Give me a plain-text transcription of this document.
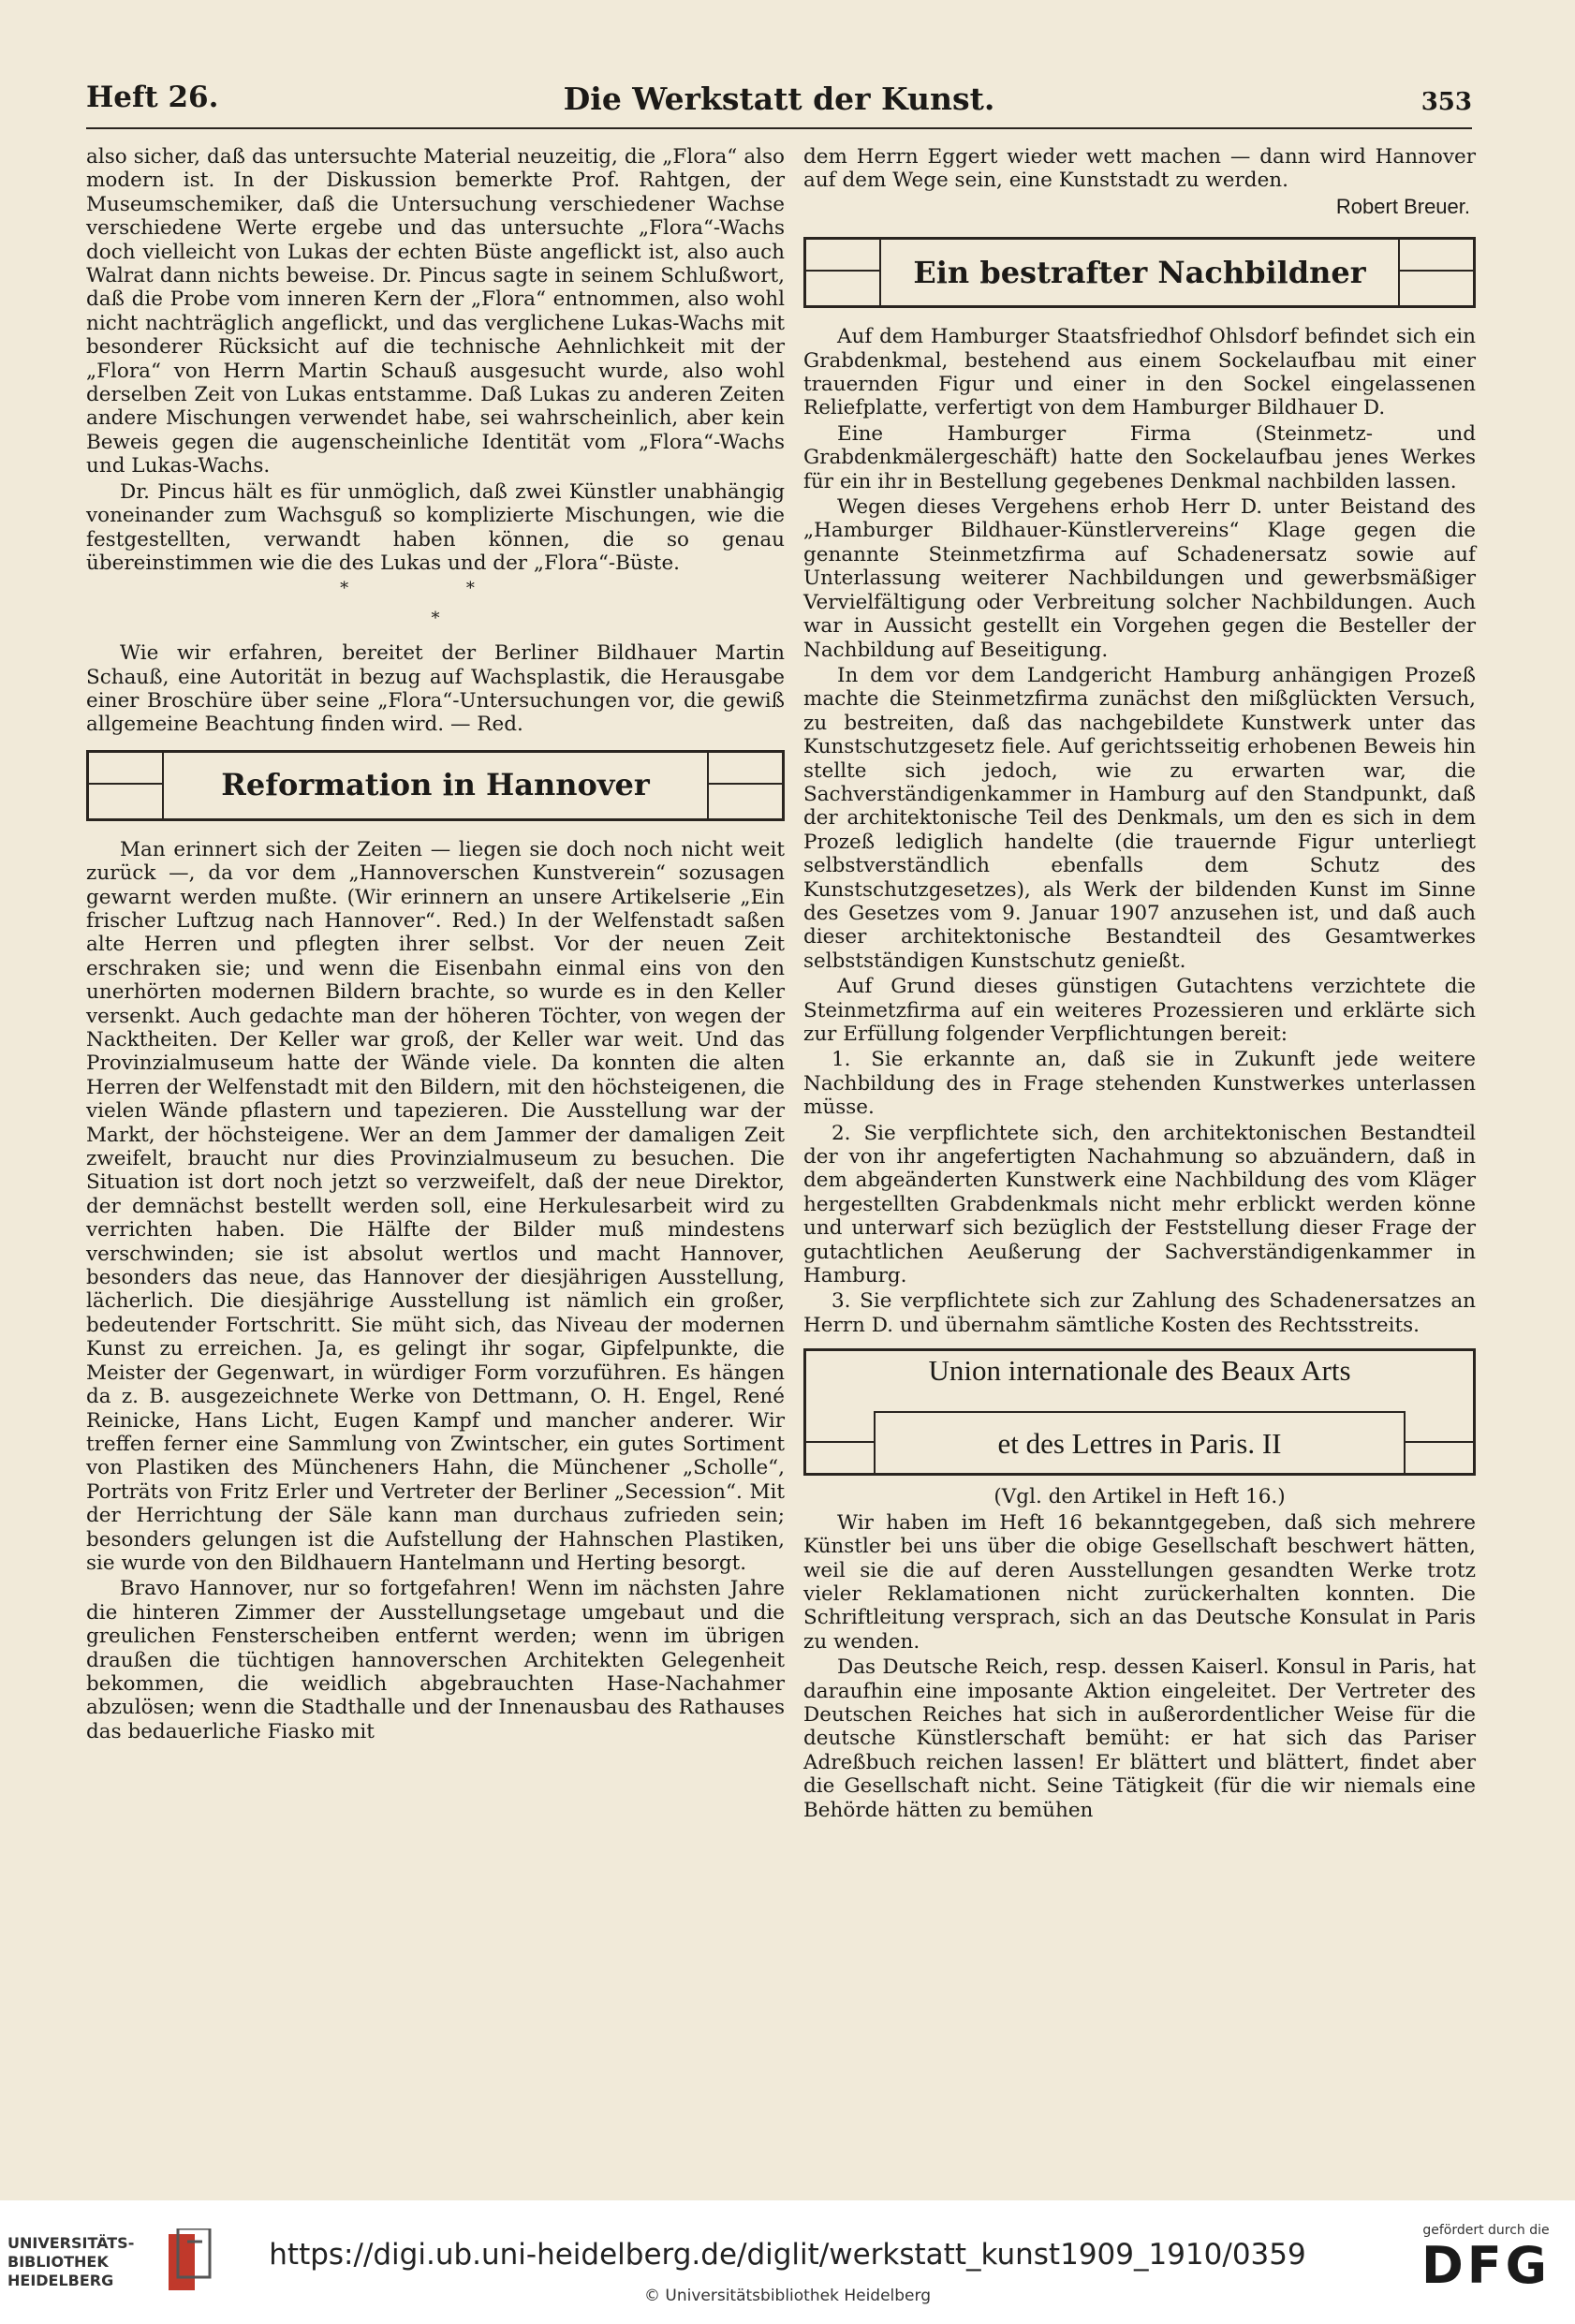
Heft 26.	Die Werkstatt der Kunst.	353

also sicher, daß das untersuchte Material neuzeitig, die „Flora“ also modern ist. In der Diskussion bemerkte Prof. Rahtgen, der Museumschemiker, daß die Untersuchung verschiedener Wachse verschiedene Werte ergebe und das untersuchte „Flora“-Wachs doch vielleicht von Lukas der echten Büste angeflickt ist, also auch Walrat dann nichts beweise. Dr. Pincus sagte in seinem Schlußwort, daß die Probe vom inneren Kern der „Flora“ entnommen, also wohl nicht nachträglich angeflickt, und das verglichene Lukas-Wachs mit besonderer Rücksicht auf die technische Aehnlichkeit mit der „Flora“ von Herrn Martin Schauß ausgesucht wurde, also wohl derselben Zeit von Lukas entstamme. Daß Lukas zu anderen Zeiten andere Mischungen verwendet habe, sei wahrscheinlich, aber kein Beweis gegen die augenscheinliche Identität vom „Flora“-Wachs und Lukas-Wachs.

Dr. Pincus hält es für unmöglich, daß zwei Künstler unabhängig voneinander zum Wachsguß so komplizierte Mischungen, wie die festgestellten, verwandt haben können, die so genau übereinstimmen wie die des Lukas und der „Flora“-Büste.

* *
*

Wie wir erfahren, bereitet der Berliner Bildhauer Martin Schauß, eine Autorität in bezug auf Wachsplastik, die Herausgabe einer Broschüre über seine „Flora“-Untersuchungen vor, die gewiß allgemeine Beachtung finden wird. — Red.

Reformation in Hannover

Man erinnert sich der Zeiten — liegen sie doch noch nicht weit zurück —, da vor dem „Hannoverschen Kunstverein“ sozusagen gewarnt werden mußte. (Wir erinnern an unsere Artikelserie „Ein frischer Luftzug nach Hannover“. Red.) In der Welfenstadt saßen alte Herren und pflegten ihrer selbst. Vor der neuen Zeit erschraken sie; und wenn die Eisenbahn einmal eins von den unerhörten modernen Bildern brachte, so wurde es in den Keller versenkt. Auch gedachte man der höheren Töchter, von wegen der Nacktheiten. Der Keller war groß, der Keller war weit. Und das Provinzialmuseum hatte der Wände viele. Da konnten die alten Herren der Welfenstadt mit den Bildern, mit den höchsteigenen, die vielen Wände pflastern und tapezieren. Die Ausstellung war der Markt, der höchsteigene. Wer an dem Jammer der damaligen Zeit zweifelt, braucht nur dies Provinzialmuseum zu besuchen. Die Situation ist dort noch jetzt so verzweifelt, daß der neue Direktor, der demnächst bestellt werden soll, eine Herkulesarbeit wird zu verrichten haben. Die Hälfte der Bilder muß mindestens verschwinden; sie ist absolut wertlos und macht Hannover, besonders das neue, das Hannover der diesjährigen Ausstellung, lächerlich. Die diesjährige Ausstellung ist nämlich ein großer, bedeutender Fortschritt. Sie müht sich, das Niveau der modernen Kunst zu erreichen. Ja, es gelingt ihr sogar, Gipfelpunkte, die Meister der Gegenwart, in würdiger Form vorzuführen. Es hängen da z. B. ausgezeichnete Werke von Dettmann, O. H. Engel, René Reinicke, Hans Licht, Eugen Kampf und mancher anderer. Wir treffen ferner eine Sammlung von Zwintscher, ein gutes Sortiment von Plastiken des Müncheners Hahn, die Münchener „Scholle“, Porträts von Fritz Erler und Vertreter der Berliner „Secession“. Mit der Herrichtung der Säle kann man durchaus zufrieden sein; besonders gelungen ist die Aufstellung der Hahnschen Plastiken, sie wurde von den Bildhauern Hantelmann und Herting besorgt.

Bravo Hannover, nur so fortgefahren! Wenn im nächsten Jahre die hinteren Zimmer der Ausstellungsetage umgebaut und die greulichen Fensterscheiben entfernt werden; wenn im übrigen draußen die tüchtigen hannoverschen Architekten Gelegenheit bekommen, die weidlich abgebrauchten Hase-Nachahmer abzulösen; wenn die Stadthalle und der Innenausbau des Rathauses das bedauerliche Fiasko mit

dem Herrn Eggert wieder wett machen — dann wird Hannover auf dem Wege sein, eine Kunststadt zu werden.

Robert Breuer.
Ein bestrafter Nachbildner

Auf dem Hamburger Staatsfriedhof Ohlsdorf befindet sich ein Grabdenkmal, bestehend aus einem Sockelaufbau mit einer trauernden Figur und einer in den Sockel eingelassenen Reliefplatte, verfertigt von dem Hamburger Bildhauer D.

Eine Hamburger Firma (Steinmetz- und Grabdenkmälergeschäft) hatte den Sockelaufbau jenes Werkes für ein ihr in Bestellung gegebenes Denkmal nachbilden lassen.

Wegen dieses Vergehens erhob Herr D. unter Beistand des „Hamburger Bildhauer-Künstlervereins“ Klage gegen die genannte Steinmetzfirma auf Schadenersatz sowie auf Unterlassung weiterer Nachbildungen und gewerbsmäßiger Vervielfältigung oder Verbreitung solcher Nachbildungen. Auch war in Aussicht gestellt ein Vorgehen gegen die Besteller der Nachbildung auf Beseitigung.

In dem vor dem Landgericht Hamburg anhängigen Prozeß machte die Steinmetzfirma zunächst den mißglückten Versuch, zu bestreiten, daß das nachgebildete Kunstwerk unter das Kunstschutzgesetz fiele. Auf gerichtsseitig erhobenen Beweis hin stellte sich jedoch, wie zu erwarten war, die Sachverständigenkammer in Hamburg auf den Standpunkt, daß der architektonische Teil des Denkmals, um den es sich in dem Prozeß lediglich handelte (die trauernde Figur unterliegt selbstverständlich ebenfalls dem Schutz des Kunstschutzgesetzes), als Werk der bildenden Kunst im Sinne des Gesetzes vom 9. Januar 1907 anzusehen ist, und daß auch dieser architektonische Bestandteil des Gesamtwerkes selbstständigen Kunstschutz genießt.

Auf Grund dieses günstigen Gutachtens verzichtete die Steinmetzfirma auf ein weiteres Prozessieren und erklärte sich zur Erfüllung folgender Verpflichtungen bereit:

1. Sie erkannte an, daß sie in Zukunft jede weitere Nachbildung des in Frage stehenden Kunstwerkes unterlassen müsse.

2. Sie verpflichtete sich, den architektonischen Bestandteil der von ihr angefertigten Nachahmung so abzuändern, daß in dem abgeänderten Kunstwerk eine Nachbildung des vom Kläger hergestellten Grabdenkmals nicht mehr erblickt werden könne und unterwarf sich bezüglich der Feststellung dieser Frage der gutachtlichen Aeußerung der Sachverständigenkammer in Hamburg.

3. Sie verpflichtete sich zur Zahlung des Schadenersatzes an Herrn D. und übernahm sämtliche Kosten des Rechtsstreits.

Union internationale des Beaux Arts
et des Lettres in Paris. II

(Vgl. den Artikel in Heft 16.)

Wir haben im Heft 16 bekanntgegeben, daß sich mehrere Künstler bei uns über die obige Gesellschaft beschwert hätten, weil sie die auf deren Ausstellungen gesandten Werke trotz vieler Reklamationen nicht zurückerhalten konnten. Die Schriftleitung versprach, sich an das Deutsche Konsulat in Paris zu wenden.

Das Deutsche Reich, resp. dessen Kaiserl. Konsul in Paris, hat daraufhin eine imposante Aktion eingeleitet. Der Vertreter des Deutschen Reiches hat sich in außerordentlicher Weise für die deutsche Künstlerschaft bemüht: er hat sich das Pariser Adreßbuch reichen lassen! Er blättert und blättert, findet aber die Gesellschaft nicht. Seine Tätigkeit (für die wir niemals eine Behörde hätten zu bemühen

UNIVERSITÄTS-
BIBLIOTHEK
HEIDELBERG
https://digi.ub.uni-heidelberg.de/diglit/werkstatt_kunst1909_1910/0359
© Universitätsbibliothek Heidelberg
gefördert durch die
DFG
